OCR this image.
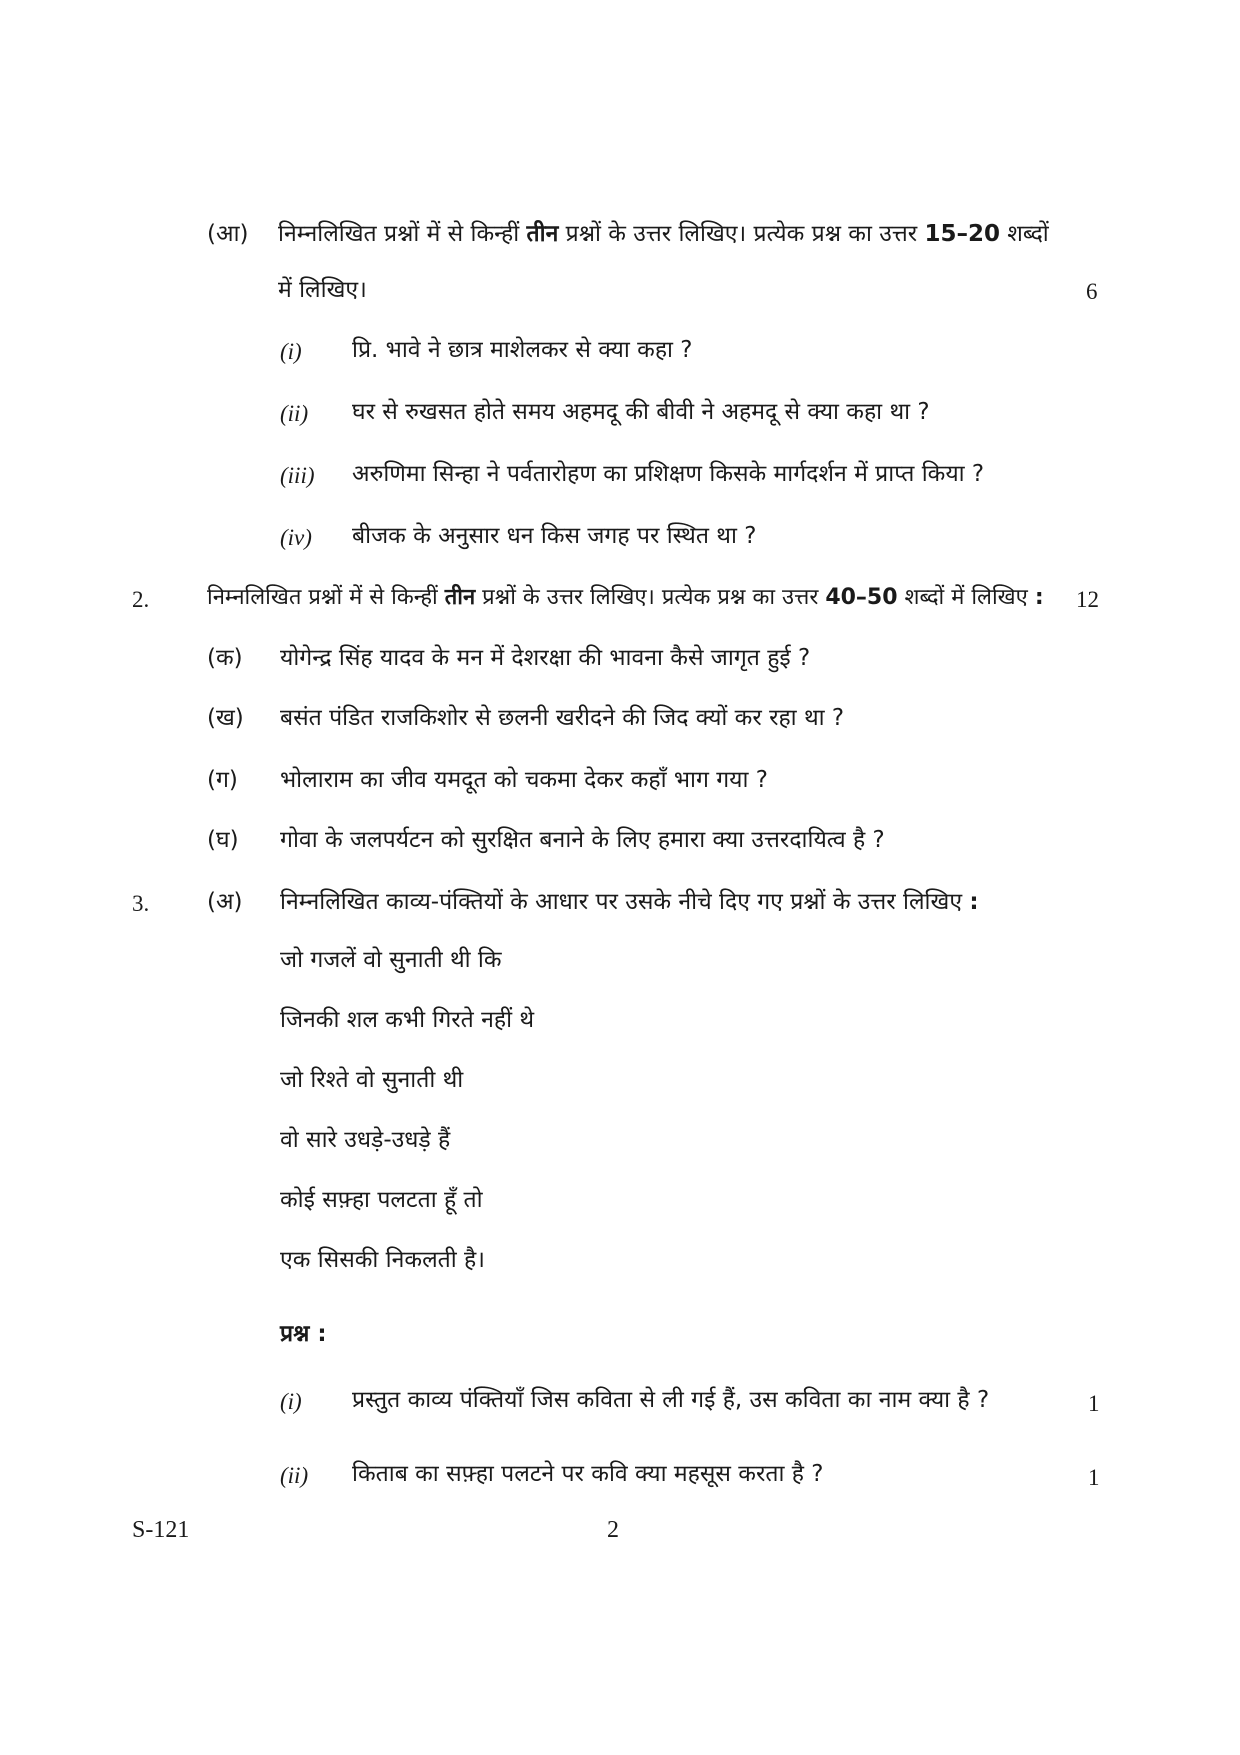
(आ) निम्नलिखित प्रश्नों में से किन्हीं तीन प्रश्नों के उत्तर लिखिए। प्रत्येक प्रश्न का उत्तर 15–20 शब्दों
में लिखिए।	6
(i) प्रि. भावे ने छात्र माशेलकर से क्या कहा ?
(ii) घर से रुखसत होते समय अहमदू की बीवी ने अहमदू से क्या कहा था ?
(iii) अरुणिमा सिन्हा ने पर्वतारोहण का प्रशिक्षण किसके मार्गदर्शन में प्राप्त किया ?
(iv) बीजक के अनुसार धन किस जगह पर स्थित था ?
2.	निम्नलिखित प्रश्नों में से किन्हीं तीन प्रश्नों के उत्तर लिखिए। प्रत्येक प्रश्न का उत्तर 40–50 शब्दों में लिखिए : 12
(क) योगेन्द्र सिंह यादव के मन में देशरक्षा की भावना कैसे जागृत हुई ?
(ख) बसंत पंडित राजकिशोर से छलनी खरीदने की जिद क्यों कर रहा था ?
(ग) भोलाराम का जीव यमदूत को चकमा देकर कहाँ भाग गया ?
(घ) गोवा के जलपर्यटन को सुरक्षित बनाने के लिए हमारा क्या उत्तरदायित्व है ?
3.	(अ) निम्नलिखित काव्य-पंक्तियों के आधार पर उसके नीचे दिए गए प्रश्नों के उत्तर लिखिए :
जो गजलें वो सुनाती थी कि
जिनकी शल कभी गिरते नहीं थे
जो रिश्ते वो सुनाती थी
वो सारे उधड़े-उधड़े हैं
कोई सफ़्हा पलटता हूँ तो
एक सिसकी निकलती है।
प्रश्न :
(i) प्रस्तुत काव्य पंक्तियाँ जिस कविता से ली गई हैं, उस कविता का नाम क्या है ?	1
(ii) किताब का सफ़्हा पलटने पर कवि क्या महसूस करता है ?	1
S-121	2
